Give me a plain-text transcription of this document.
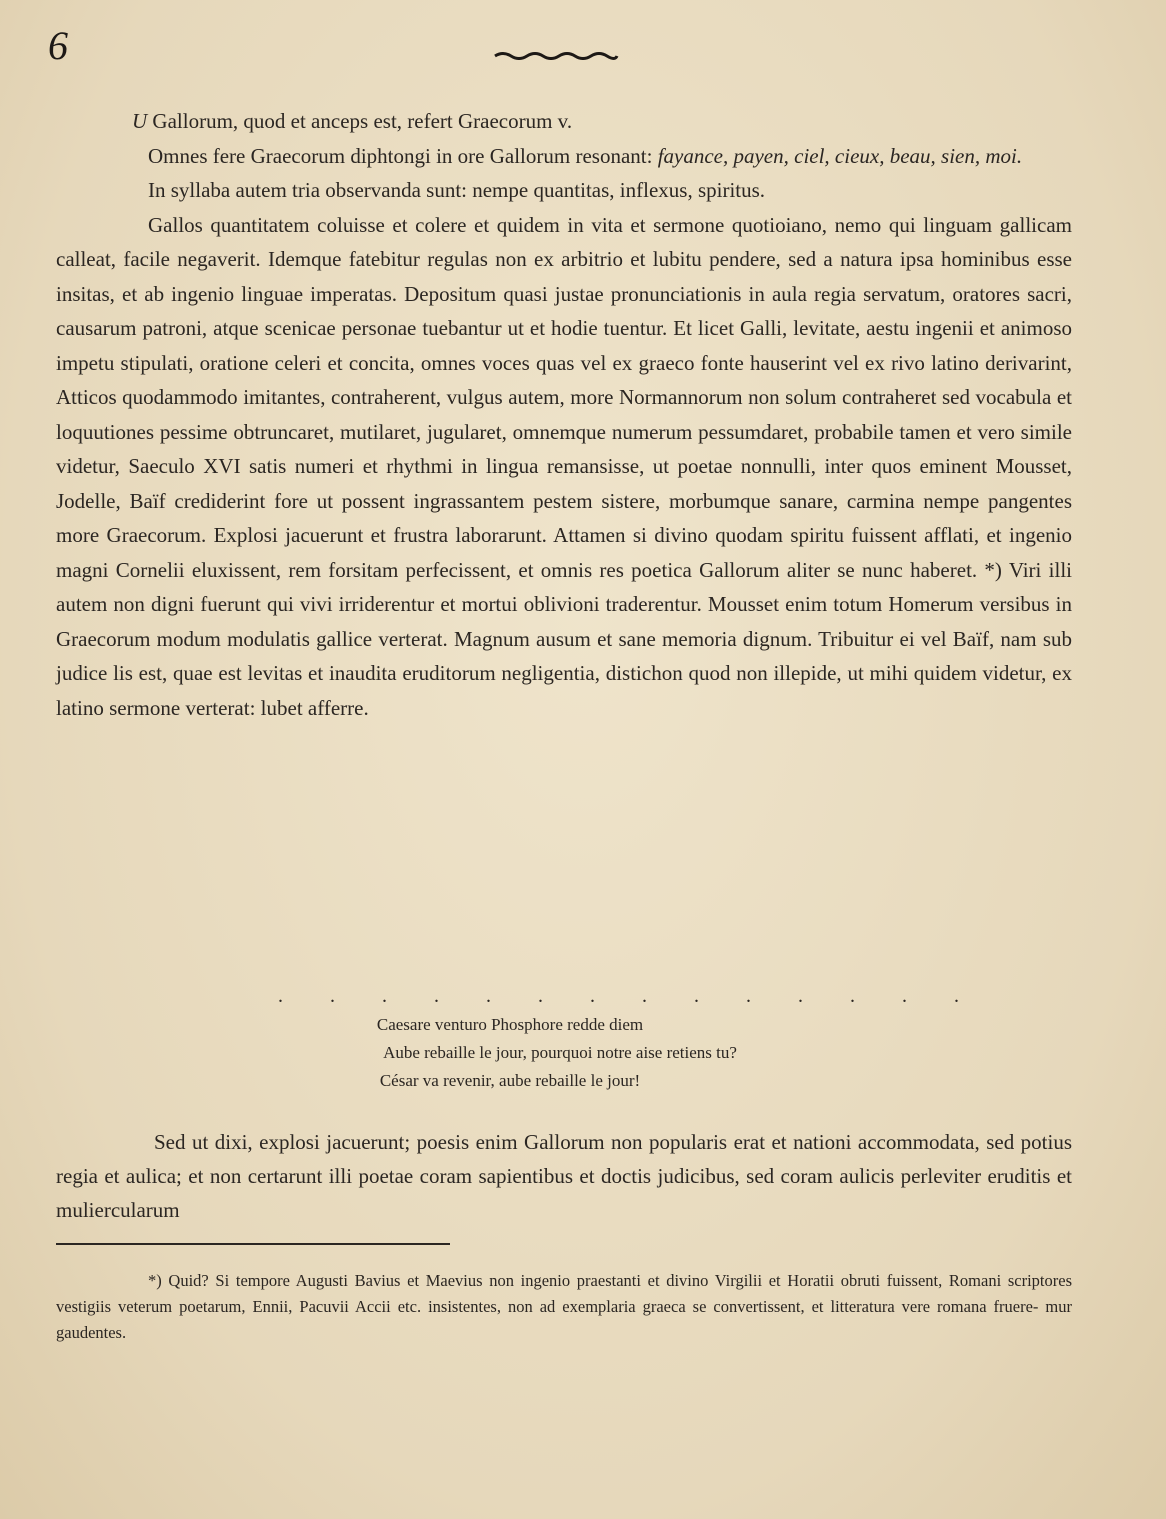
6

U Gallorum, quod et anceps est, refert Graecorum v.

Omnes fere Graecorum diphtongi in ore Gallorum resonant: fayance, payen, ciel, cieux, beau, sien, moi.

In syllaba autem tria observanda sunt: nempe quantitas, inflexus, spiritus.

Gallos quantitatem coluisse et colere et quidem in vita et sermone quotioiano, nemo qui linguam gallicam calleat, facile negaverit. Idemque fatebitur regulas non ex arbitrio et lubitu pendere, sed a natura ipsa hominibus esse insitas, et ab ingenio linguae imperatas. Depositum quasi justae pronunciationis in aula regia servatum, oratores sacri, causarum patroni, atque scenicae personae tuebantur ut et hodie tuentur. Et licet Galli, levitate, aestu ingenii et animoso impetu stipulati, oratione celeri et concita, omnes voces quas vel ex graeco fonte hauserint vel ex rivo latino derivarint, Atticos quodammodo imitantes, contraherent, vulgus autem, more Normannorum non solum contraheret sed vocabula et loquutiones pessime obtruncaret, mutilaret, jugularet, omnemque numerum pessumdaret, probabile tamen et vero simile videtur, Saeculo XVI satis numeri et rhythmi in lingua remansisse, ut poetae nonnulli, inter quos eminent Mousset, Jodelle, Baïf crediderint fore ut possent ingrassantem pestem sistere, morbumque sanare, carmina nempe pangentes more Graecorum. Explosi jacuerunt et frustra laborarunt. Attamen si divino quodam spiritu fuissent afflati, et ingenio magni Cornelii eluxissent, rem forsitam perfecissent, et omnis res poetica Gallorum aliter se nunc haberet. *) Viri illi autem non digni fuerunt qui vivi irriderentur et mortui oblivioni traderentur. Mousset enim totum Homerum versibus in Graecorum modum modulatis gallice verterat. Magnum ausum et sane memoria dignum. Tribuitur ei vel Baïf, nam sub judice lis est, quae est levitas et inaudita eruditorum negligentia, distichon quod non illepide, ut mihi quidem videtur, ex latino sermone verterat: lubet afferre.

. . . . . . . . . . . . . .
Caesare venturo Phosphore redde diem
Aube rebaille le jour, pourquoi notre aise retiens tu?
César va revenir, aube rebaille le jour!

Sed ut dixi, explosi jacuerunt; poesis enim Gallorum non popularis erat et nationi accommodata, sed potius regia et aulica; et non certarunt illi poetae coram sapientibus et doctis judicibus, sed coram aulicis perleviter eruditis et muliercularum

*) Quid? Si tempore Augusti Bavius et Maevius non ingenio praestanti et divino Virgilii et Horatii obruti fuissent, Romani scriptores vestigiis veterum poetarum, Ennii, Pacuvii Accii etc. insistentes, non ad exemplaria graeca se convertissent, et litteratura vere romana fruere- mur gaudentes.
